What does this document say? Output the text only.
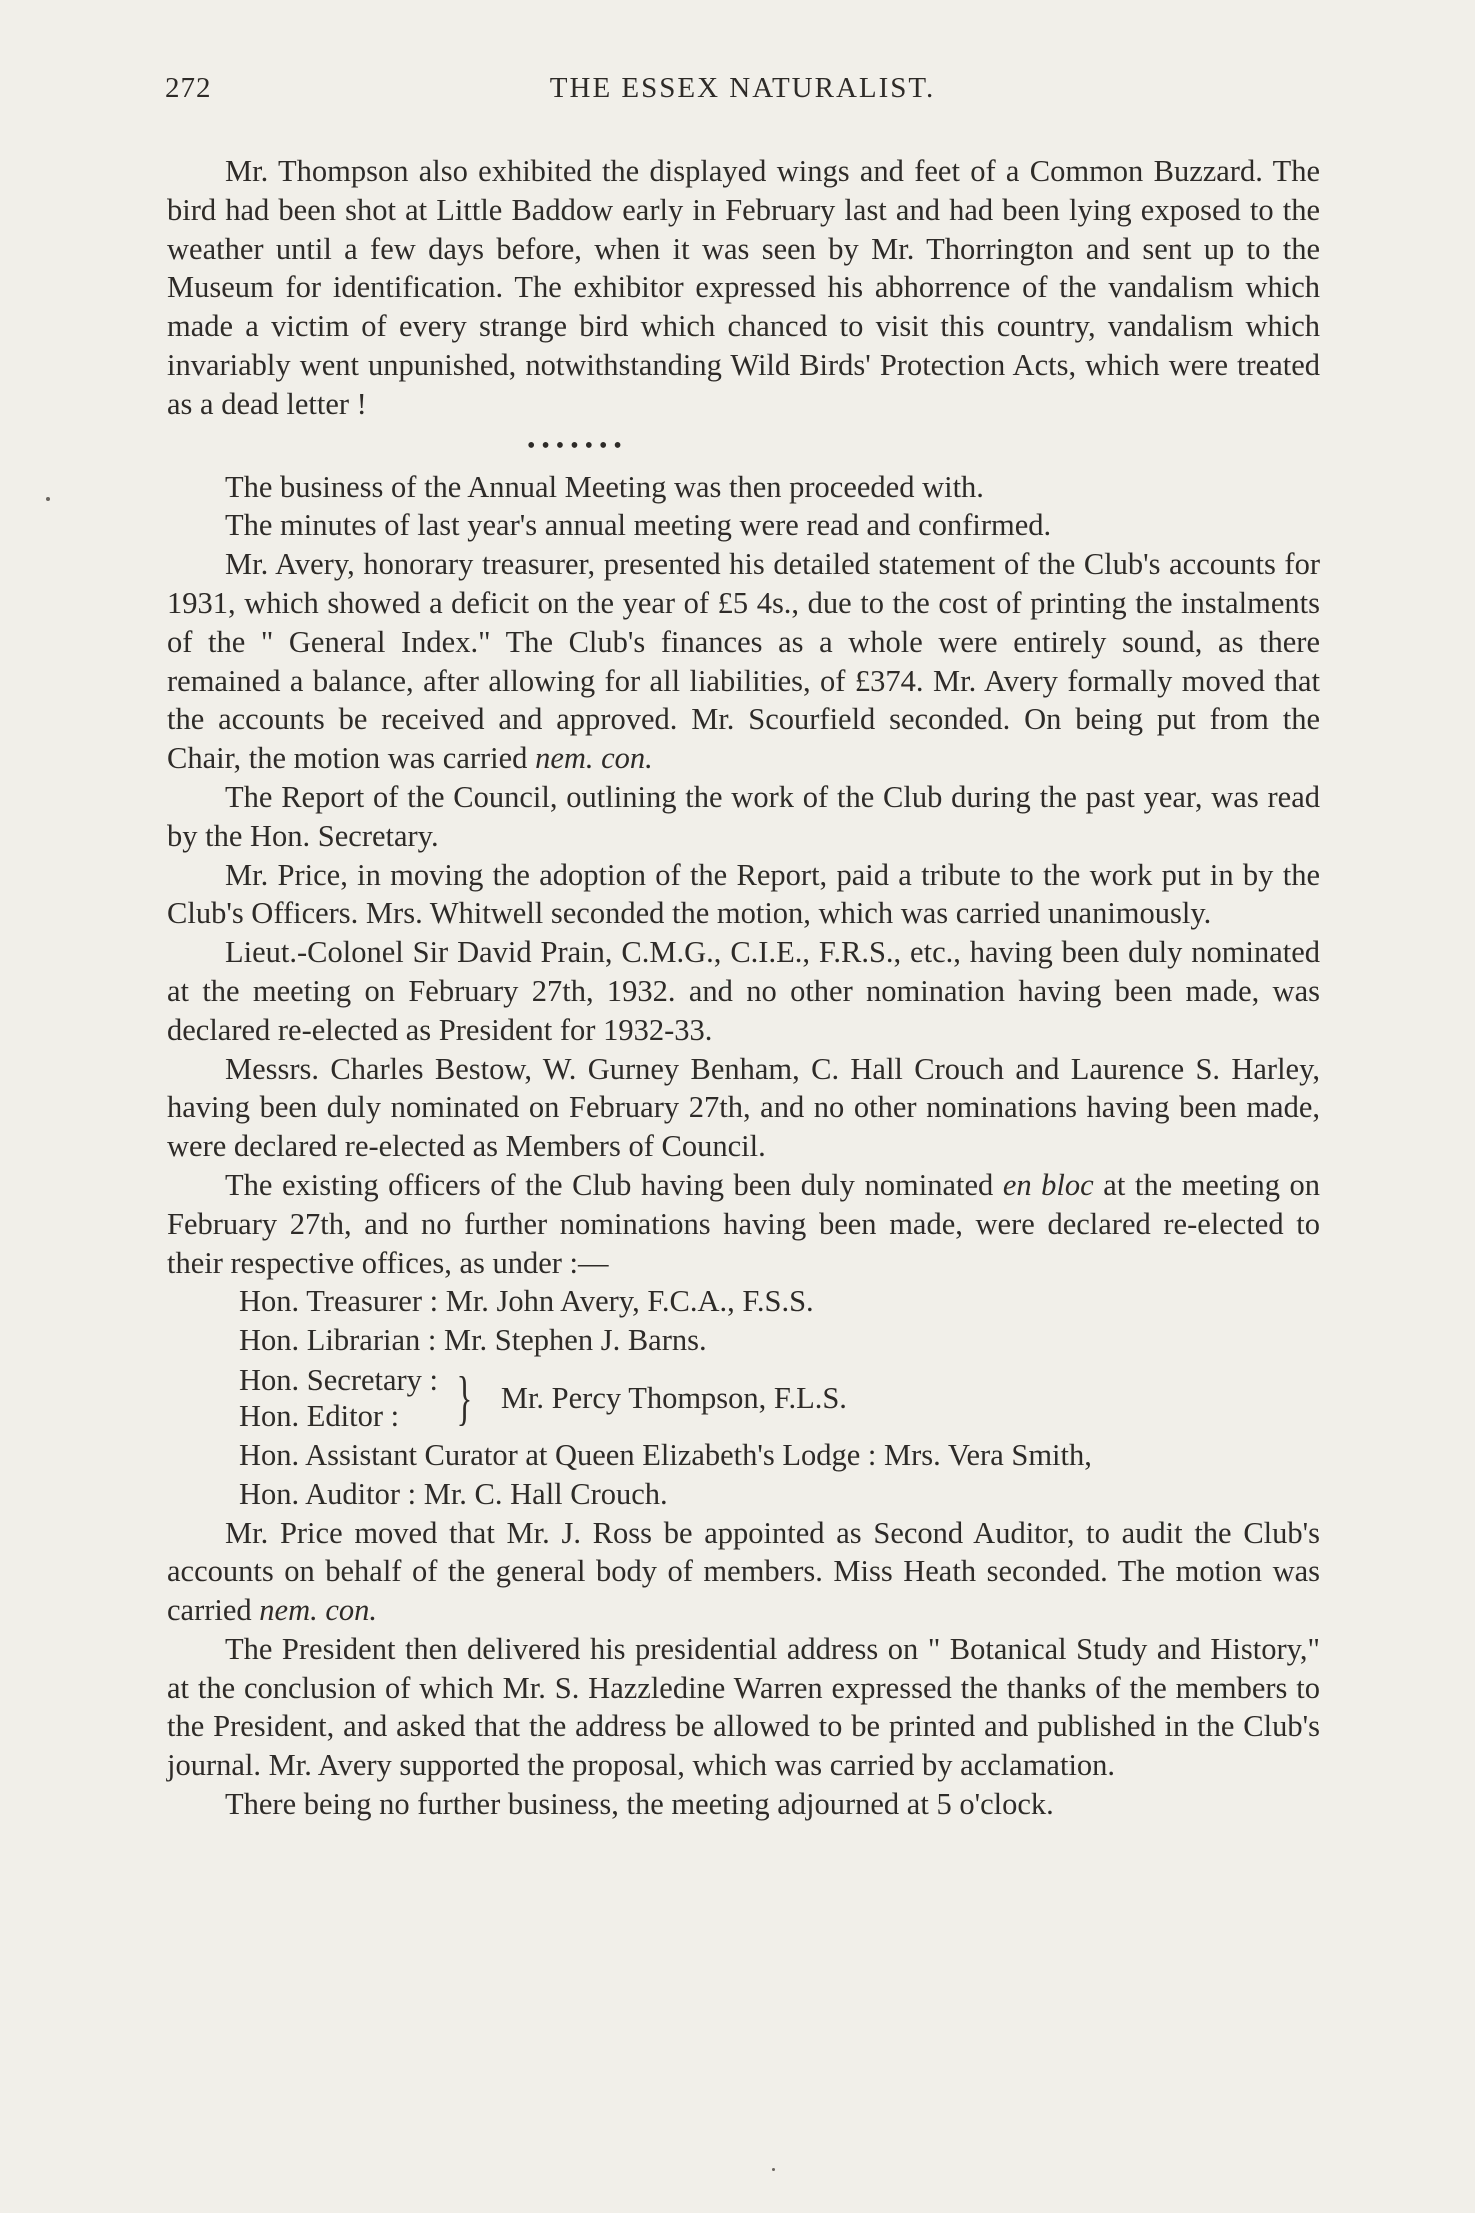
272	THE ESSEX NATURALIST.

Mr. Thompson also exhibited the displayed wings and feet of a Common Buzzard. The bird had been shot at Little Baddow early in February last and had been lying exposed to the weather until a few days before, when it was seen by Mr. Thorrington and sent up to the Museum for identification. The exhibitor expressed his abhorrence of the vandalism which made a victim of every strange bird which chanced to visit this country, vandalism which invariably went unpunished, notwithstanding Wild Birds' Protection Acts, which were treated as a dead letter !

• • • • • • •

The business of the Annual Meeting was then proceeded with.

The minutes of last year's annual meeting were read and confirmed.

Mr. Avery, honorary treasurer, presented his detailed statement of the Club's accounts for 1931, which showed a deficit on the year of £5 4s., due to the cost of printing the instalments of the " General Index." The Club's finances as a whole were entirely sound, as there remained a balance, after allowing for all liabilities, of £374. Mr. Avery formally moved that the accounts be received and approved. Mr. Scourfield seconded. On being put from the Chair, the motion was carried nem. con.

The Report of the Council, outlining the work of the Club during the past year, was read by the Hon. Secretary.

Mr. Price, in moving the adoption of the Report, paid a tribute to the work put in by the Club's Officers. Mrs. Whitwell seconded the motion, which was carried unanimously.

Lieut.-Colonel Sir David Prain, C.M.G., C.I.E., F.R.S., etc., having been duly nominated at the meeting on February 27th, 1932. and no other nomination having been made, was declared re-elected as President for 1932-33.

Messrs. Charles Bestow, W. Gurney Benham, C. Hall Crouch and Laurence S. Harley, having been duly nominated on February 27th, and no other nominations having been made, were declared re-elected as Members of Council.

The existing officers of the Club having been duly nominated en bloc at the meeting on February 27th, and no further nominations having been made, were declared re-elected to their respective offices, as under :—

Hon. Treasurer : Mr. John Avery, F.C.A., F.S.S.
Hon. Librarian : Mr. Stephen J. Barns.
Hon. Secretary :
Hon. Editor : } Mr. Percy Thompson, F.L.S.
Hon. Assistant Curator at Queen Elizabeth's Lodge : Mrs. Vera Smith,
Hon. Auditor : Mr. C. Hall Crouch.

Mr. Price moved that Mr. J. Ross be appointed as Second Auditor, to audit the Club's accounts on behalf of the general body of members. Miss Heath seconded. The motion was carried nem. con.

The President then delivered his presidential address on " Botanical Study and History," at the conclusion of which Mr. S. Hazzledine Warren expressed the thanks of the members to the President, and asked that the address be allowed to be printed and published in the Club's journal. Mr. Avery supported the proposal, which was carried by acclamation.

There being no further business, the meeting adjourned at 5 o'clock.
